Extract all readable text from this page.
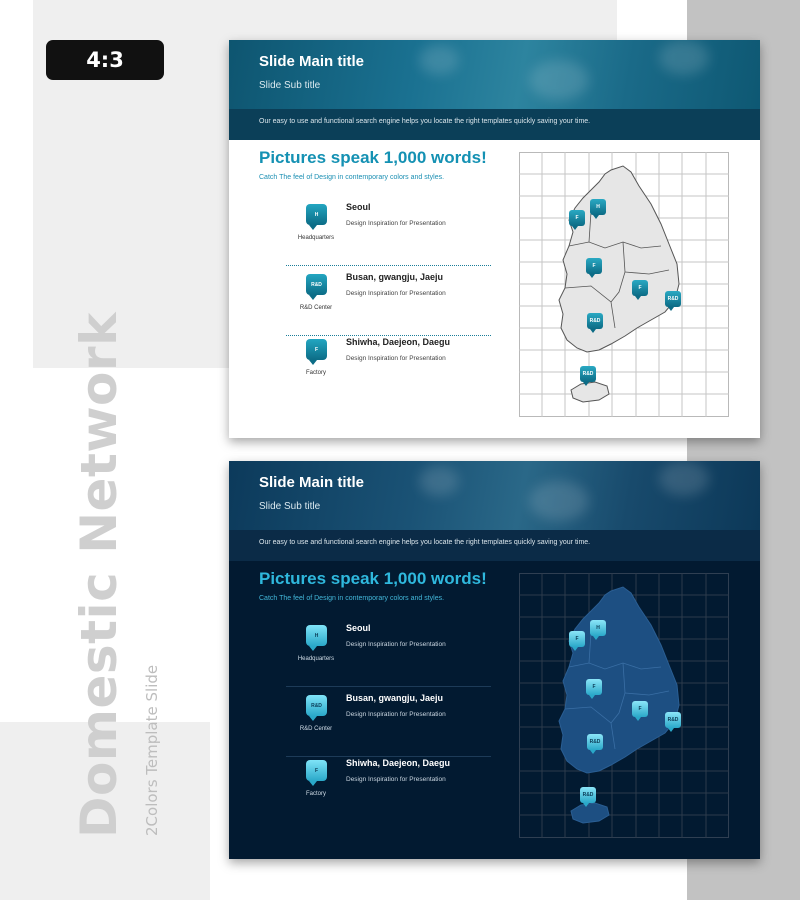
4:3
Domestic Network 2Colors Template Slide
Slide Main title
Slide Sub title
Our easy to use and functional search engine helps you locate the right templates quickly saving your time.
Pictures speak 1,000 words!
Catch The feel of Design in contemporary colors and styles.
H
Headquarters
Seoul
Design Inspiration for Presentation
R&D
R&D Center
Busan, gwangju, Jaeju
Design Inspiration for Presentation
F
Factory
Shiwha, Daejeon, Daegu
Design Inspiration for Presentation
F
H
F
F
R&D
R&D
R&D
Slide Main title
Slide Sub title
Our easy to use and functional search engine helps you locate the right templates quickly saving your time.
Pictures speak 1,000 words!
Catch The feel of Design in contemporary colors and styles.
H
Headquarters
Seoul
Design Inspiration for Presentation
R&D
R&D Center
Busan, gwangju, Jaeju
Design Inspiration for Presentation
F
Factory
Shiwha, Daejeon, Daegu
Design Inspiration for Presentation
F
H
F
F
R&D
R&D
R&D
